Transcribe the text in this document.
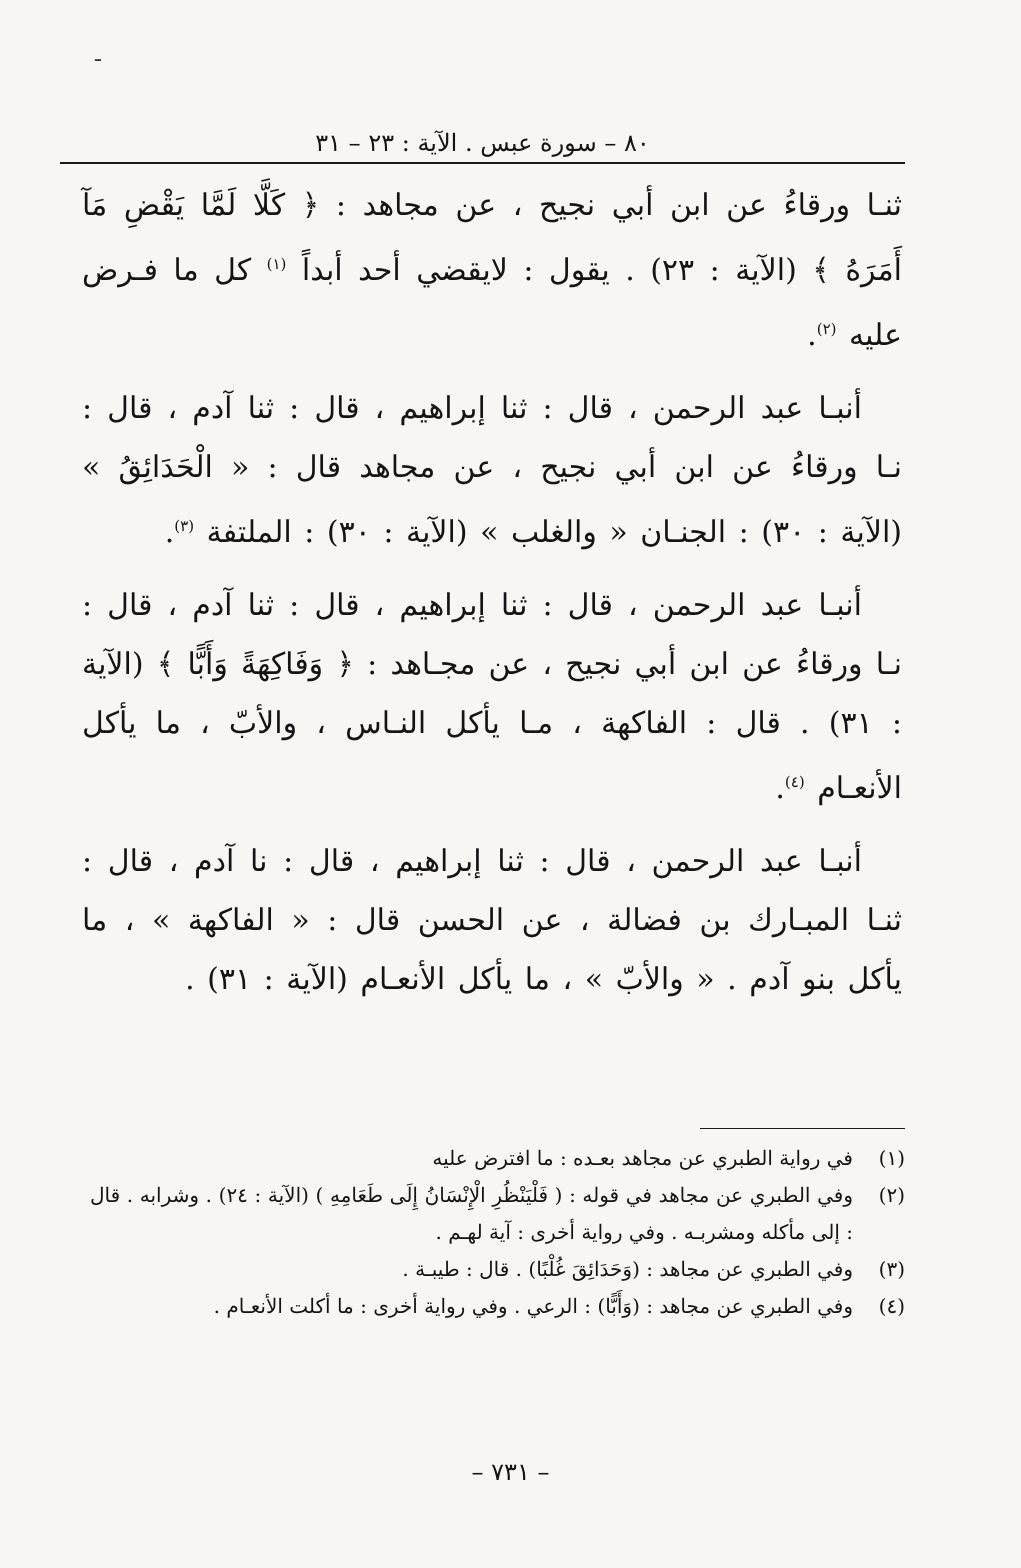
ـ
٨٠ – سورة عبس . الآية : ٢٣ – ٣١

ثنـا ورقاءُ عن ابن أبي نجيح ، عن مجاهد : ﴿ كَلَّا لَمَّا يَقْضِ مَآ أَمَرَهُ ﴾ (الآية : ٢٣) . يقول : لايقضي أحد أبداً $^{(١)}$ كل ما فـرض عليه $^{(٢)}$.

أنبـا عبد الرحمن ، قال : ثنا إبراهيم ، قال : ثنا آدم ، قال : نـا ورقاءُ عن ابن أبي نجيح ، عن مجاهد قال : « الْحَدَائِقُ » (الآية : ٣٠) : الجنـان « والغلب » (الآية : ٣٠) : الملتفة $^{(٣)}$.

أنبـا عبد الرحمن ، قال : ثنا إبراهيم ، قال : ثنا آدم ، قال : نـا ورقاءُ عن ابن أبي نجيح ، عن مجـاهد : ﴿ وَفَاكِهَةً وَأَبًّا ﴾ (الآية : ٣١) . قال : الفاكهة ، مـا يأكل النـاس ، والأبّ ، ما يأكل الأنعـام $^{(٤)}$.

أنبـا عبد الرحمن ، قال : ثنا إبراهيم ، قال : نا آدم ، قال : ثنـا المبـارك بن فضالة ، عن الحسن قال : « الفاكهة » ، ما يأكل بنو آدم . « والأبّ » ، ما يأكل الأنعـام (الآية : ٣١) .

(١)
في رواية الطبري عن مجاهد بعـده : ما افترض عليه

(٢)
وفي الطبري عن مجاهد في قوله : ( فَلْيَنْظُرِ الْإِنْسَانُ إِلَى طَعَامِهِ ) (الآية : ٢٤) . وشرابه . قال : إلى مأكله ومشربـه . وفي رواية أخرى : آية لهـم .

(٣)
وفي الطبري عن مجاهد : (وَحَدَائِقَ غُلْبًا) . قال : طيبـة .

(٤)
وفي الطبري عن مجاهد : (وَأَبًّا) : الرعي . وفي رواية أخرى : ما أكلت الأنعـام .

– ٧٣١ –
